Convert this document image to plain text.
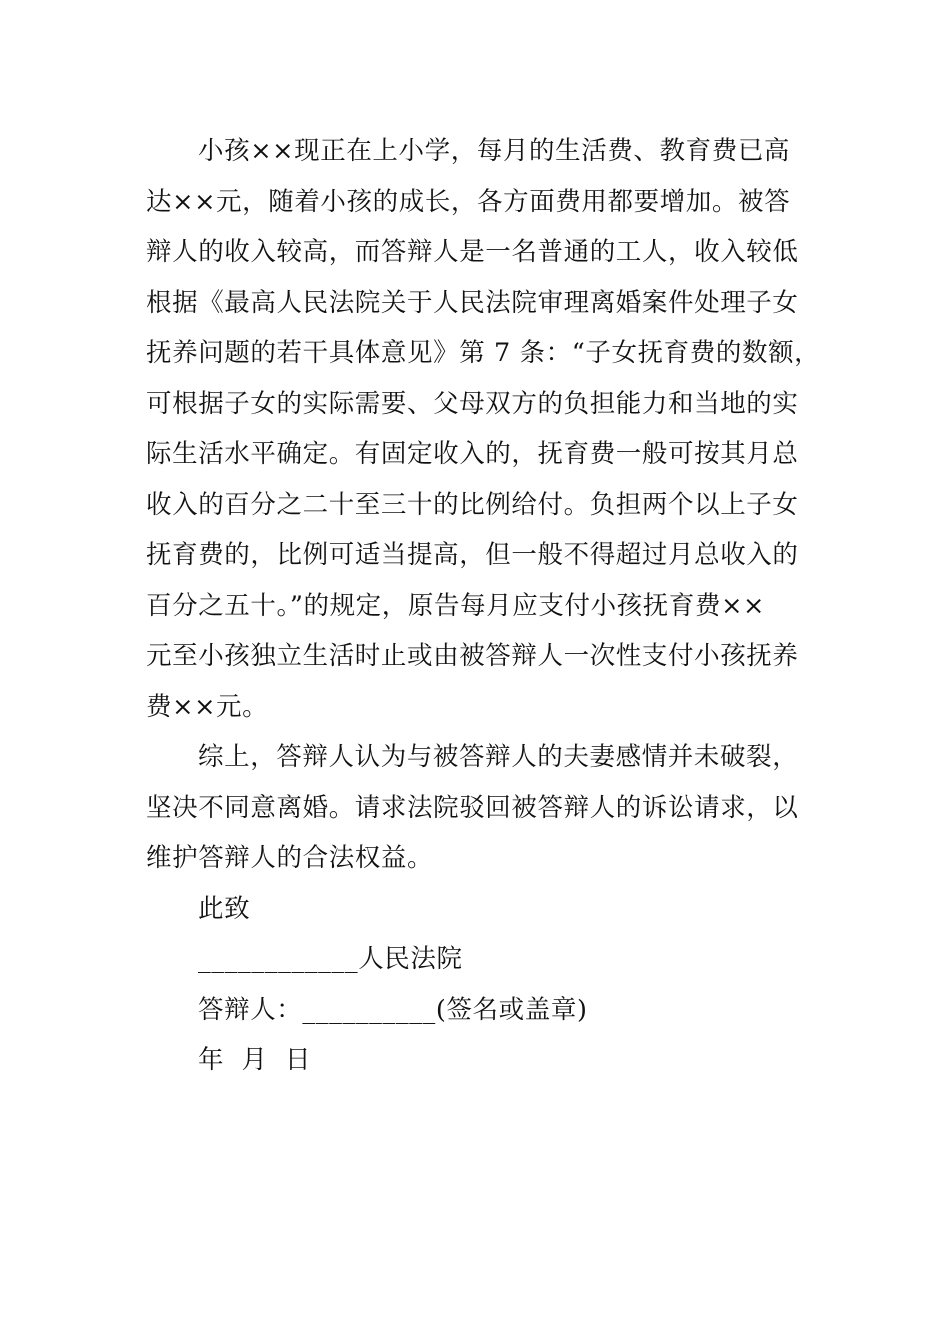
小孩××现正在上小学，每月的生活费、教育费已高
达××元，随着小孩的成长，各方面费用都要增加。被答
辩人的收入较高，而答辩人是一名普通的工人，收入较低
根据《最高人民法院关于人民法院审理离婚案件处理子女
抚养问题的若干具体意见》第 7 条：“子女抚育费的数额，
可根据子女的实际需要、父母双方的负担能力和当地的实
际生活水平确定。有固定收入的，抚育费一般可按其月总
收入的百分之二十至三十的比例给付。负担两个以上子女
抚育费的，比例可适当提高，但一般不得超过月总收入的
百分之五十。”的规定，原告每月应支付小孩抚育费××
元至小孩独立生活时止或由被答辩人一次性支付小孩抚养
费××元。
综上，答辩人认为与被答辩人的夫妻感情并未破裂，
坚决不同意离婚。请求法院驳回被答辩人的诉讼请求，以
维护答辩人的合法权益。
此致
____________人民法院
答辩人：__________(签名或盖章)
年  月  日
